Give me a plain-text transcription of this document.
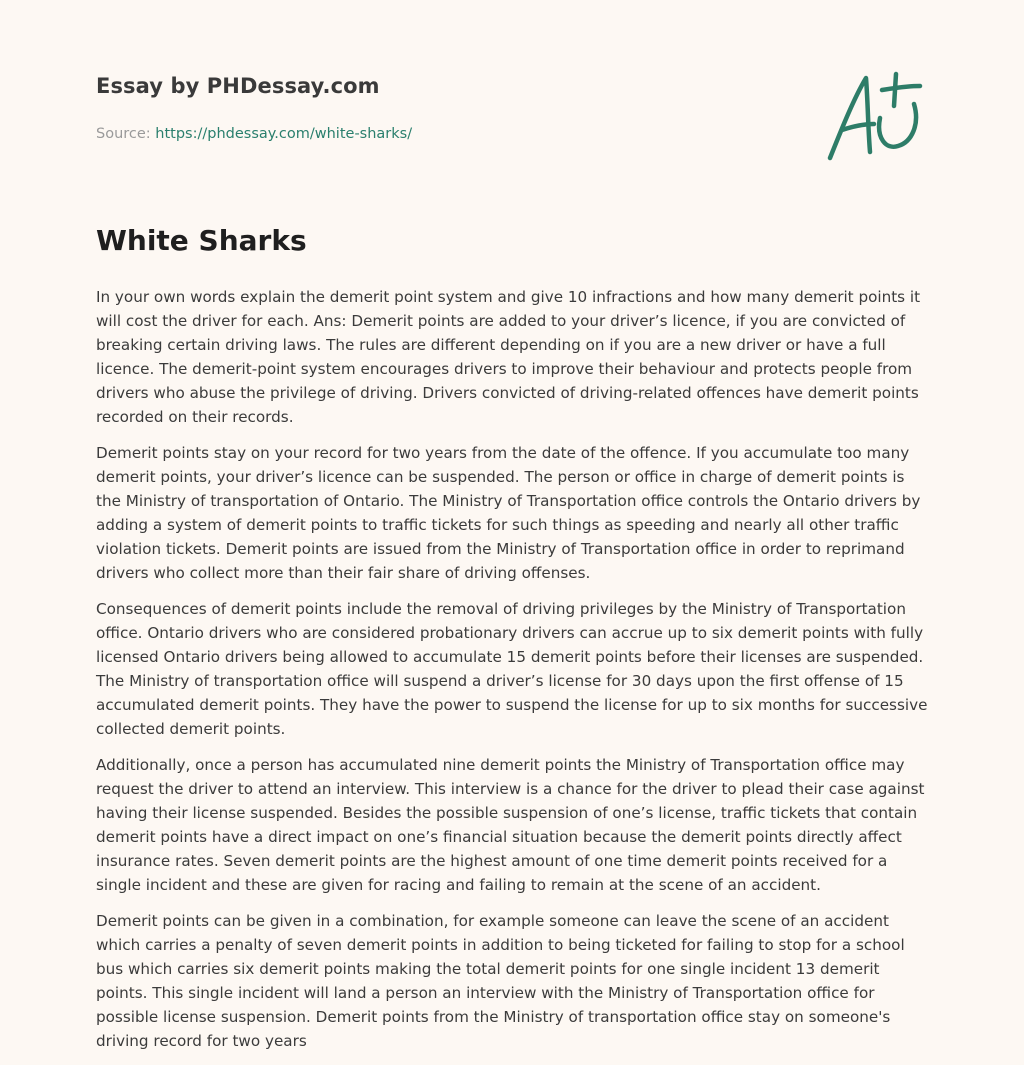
Essay by PHDessay.com
Source: https://phdessay.com/white-sharks/
White Sharks

In your own words explain the demerit point system and give 10 infractions and how many demerit points it will cost the driver for each. Ans: Demerit points are added to your driver’s licence, if you are convicted of breaking certain driving laws. The rules are different depending on if you are a new driver or have a full licence. The demerit-point system encourages drivers to improve their behaviour and protects people from drivers who abuse the privilege of driving. Drivers convicted of driving-related offences have demerit points recorded on their records.

Demerit points stay on your record for two years from the date of the offence. If you accumulate too many demerit points, your driver’s licence can be suspended. The person or office in charge of demerit points is the Ministry of transportation of Ontario. The Ministry of Transportation office controls the Ontario drivers by adding a system of demerit points to traffic tickets for such things as speeding and nearly all other traffic violation tickets. Demerit points are issued from the Ministry of Transportation office in order to reprimand drivers who collect more than their fair share of driving offenses.

Consequences of demerit points include the removal of driving privileges by the Ministry of Transportation office. Ontario drivers who are considered probationary drivers can accrue up to six demerit points with fully licensed Ontario drivers being allowed to accumulate 15 demerit points before their licenses are suspended. The Ministry of transportation office will suspend a driver’s license for 30 days upon the first offense of 15 accumulated demerit points. They have the power to suspend the license for up to six months for successive collected demerit points.

Additionally, once a person has accumulated nine demerit points the Ministry of Transportation office may request the driver to attend an interview. This interview is a chance for the driver to plead their case against having their license suspended. Besides the possible suspension of one’s license, traffic tickets that contain demerit points have a direct impact on one’s financial situation because the demerit points directly affect insurance rates. Seven demerit points are the highest amount of one time demerit points received for a single incident and these are given for racing and failing to remain at the scene of an accident.

Demerit points can be given in a combination, for example someone can leave the scene of an accident which carries a penalty of seven demerit points in addition to being ticketed for failing to stop for a school bus which carries six demerit points making the total demerit points for one single incident 13 demerit points. This single incident will land a person an interview with the Ministry of Transportation office for possible license suspension. Demerit points from the Ministry of transportation office stay on someone's driving record for two years
